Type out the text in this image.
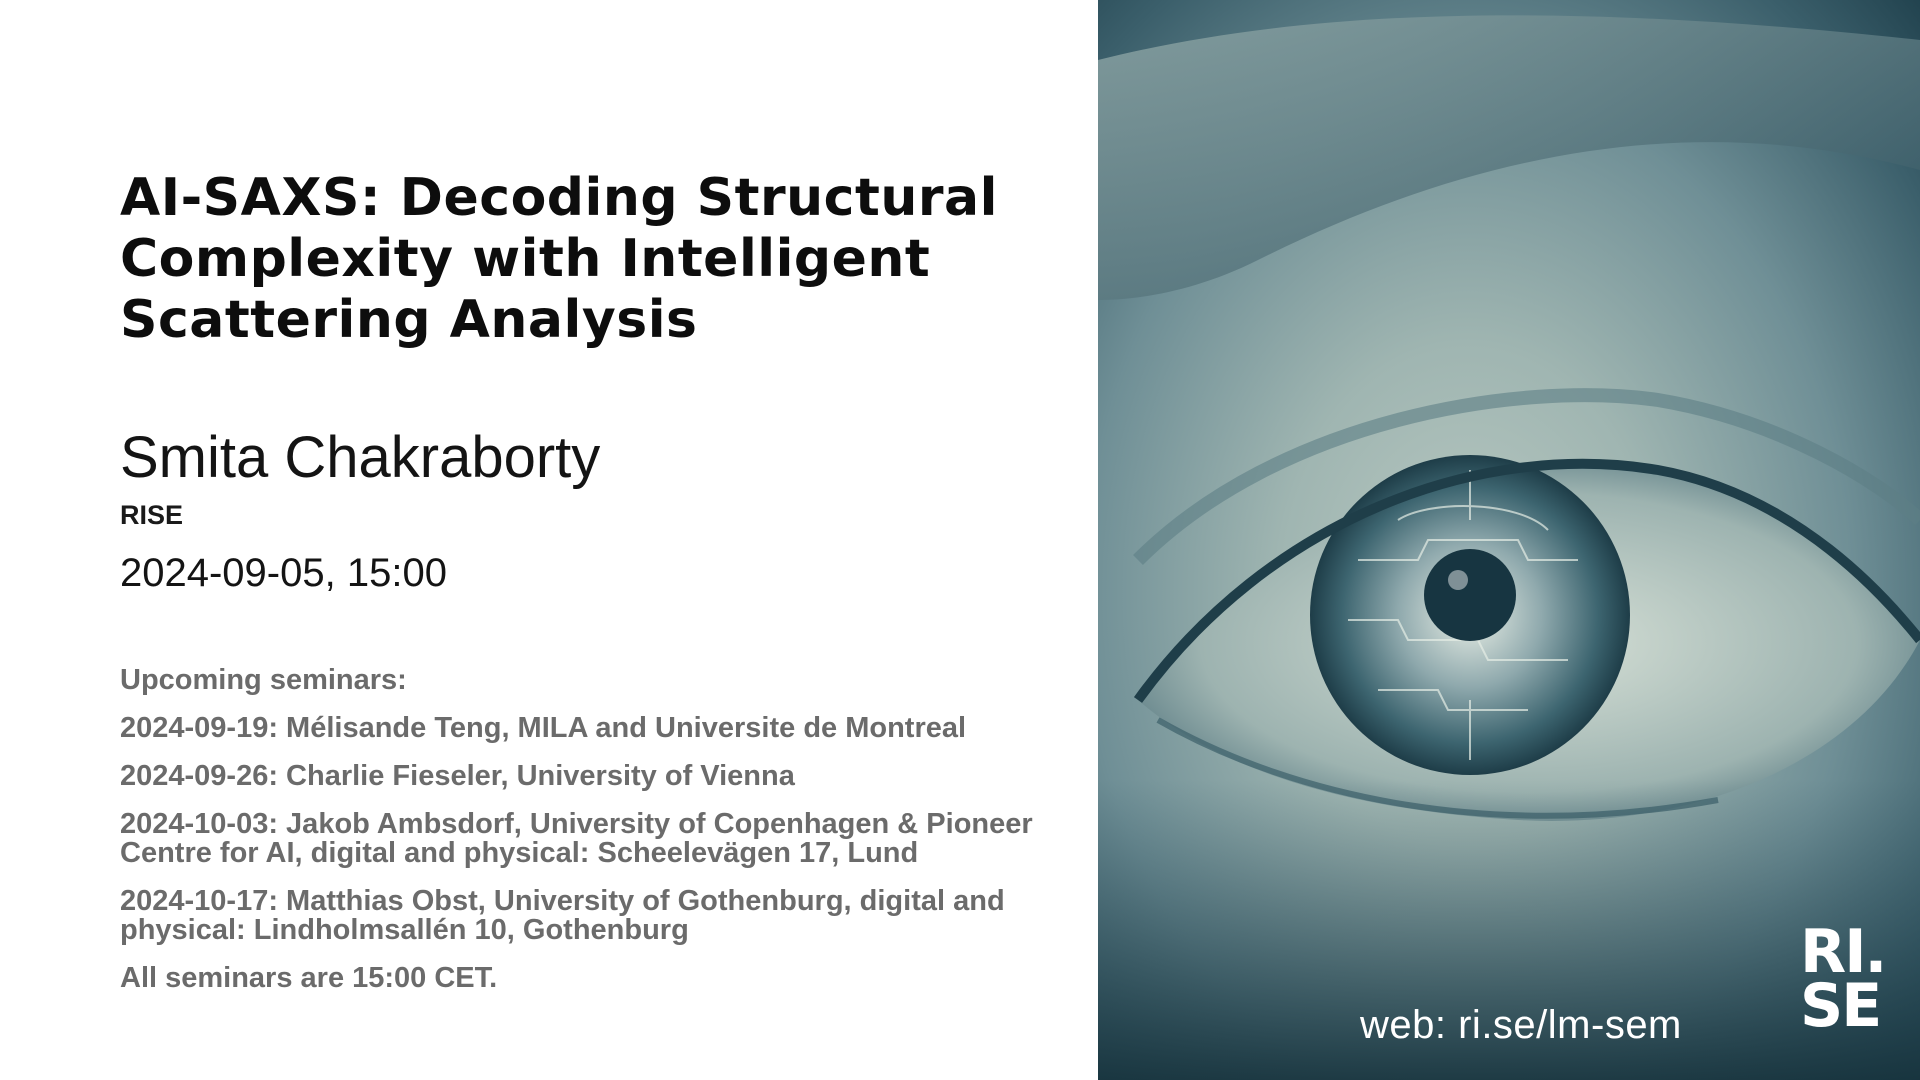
AI-SAXS: Decoding Structural Complexity with Intelligent Scattering Analysis
Smita Chakraborty
RISE
2024-09-05, 15:00
Upcoming seminars:
2024-09-19: Mélisande Teng, MILA and Universite de Montreal
2024-09-26: Charlie Fieseler, University of Vienna
2024-10-03: Jakob Ambsdorf, University of Copenhagen & Pioneer Centre for AI, digital and physical: Scheelevägen 17, Lund
2024-10-17: Matthias Obst, University of Gothenburg, digital and physical: Lindholmsallén 10, Gothenburg
All seminars are 15:00 CET.
web: ri.se/lm-sem
RI.
SE
